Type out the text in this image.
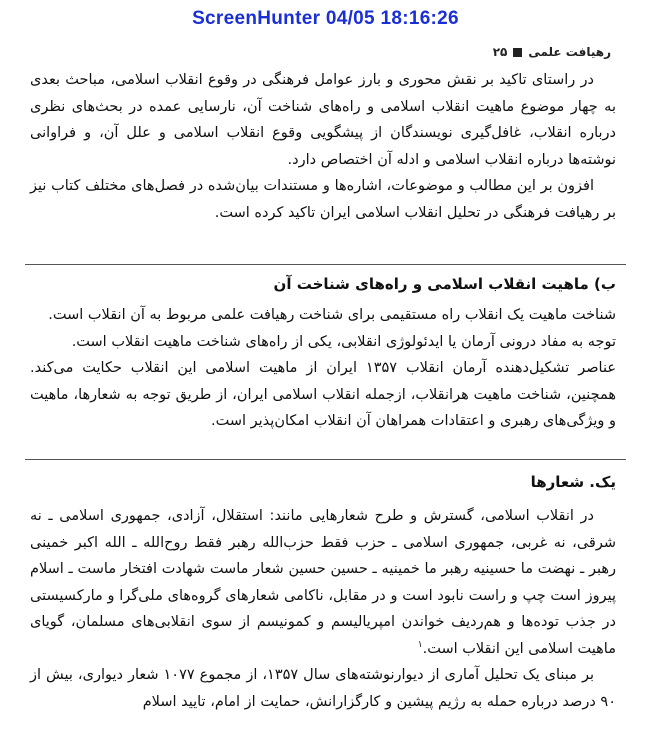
ScreenHunter 04/05 18:16:26
رهیافت علمی
۲۵

در راستای تاکید بر نقش محوری و بارز عوامل فرهنگی در وقوع انقلاب اسلامی، مباحث بعدی به چهار موضوع ماهیت انقلاب اسلامی و راه‌های شناخت آن، نارسایی عمده در بحث‌های نظری درباره انقلاب، غافل‌گیری نویسندگان از پیشگویی وقوع انقلاب اسلامی و علل آن، و فراوانی نوشته‌ها درباره انقلاب اسلامی و ادله آن اختصاص دارد.

افزون بر این مطالب و موضوعات، اشاره‌ها و مستندات بیان‌شده در فصل‌های مختلف کتاب نیز بر رهیافت فرهنگی در تحلیل انقلاب اسلامی ایران تاکید کرده است.

ب) ماهیت انقلاب اسلامی و راه‌های شناخت آن

شناخت ماهیت یک انقلاب راه مستقیمی برای شناخت رهیافت علمی مربوط به آن انقلاب است.

توجه به مفاد درونی آرمان یا ایدئولوژی انقلابی، یکی از راه‌های شناخت ماهیت انقلاب است.

عناصر تشکیل‌دهنده آرمان انقلاب ۱۳۵۷ ایران از ماهیت اسلامی این انقلاب حکایت می‌کند. همچنین، شناخت ماهیت هرانقلاب، ازجمله انقلاب اسلامی ایران، از طریق توجه به شعارها، ماهیت و ویژگی‌های رهبری و اعتقادات همراهان آن انقلاب امکان‌پذیر است.

یک. شعارها

در انقلاب اسلامی، گسترش و طرح شعارهایی مانند: استقلال، آزادی، جمهوری اسلامی ـ نه شرقی، نه غربی، جمهوری اسلامی ـ حزب فقط حزب‌الله رهبر فقط روح‌الله ـ الله اکبر خمینی رهبر ـ نهضت ما حسینیه رهبر ما خمینیه ـ حسین حسین شعار ماست شهادت افتخار ماست ـ اسلام پیروز است چپ و راست نابود است و در مقابل، ناکامی شعارهای گروه‌های ملی‌گرا و مارکسیستی در جذب توده‌ها و هم‌ردیف خواندن امپریالیسم و کمونیسم از سوی انقلابی‌های مسلمان، گویای ماهیت اسلامی این انقلاب است.$^۱$

بر مبنای یک تحلیل آماری از دیوارنوشته‌های سال ۱۳۵۷، از مجموع ۱۰۷۷ شعار دیواری، بیش از ۹۰ درصد درباره حمله به رژیم پیشین و کارگزارانش، حمایت از امام، تایید اسلام
